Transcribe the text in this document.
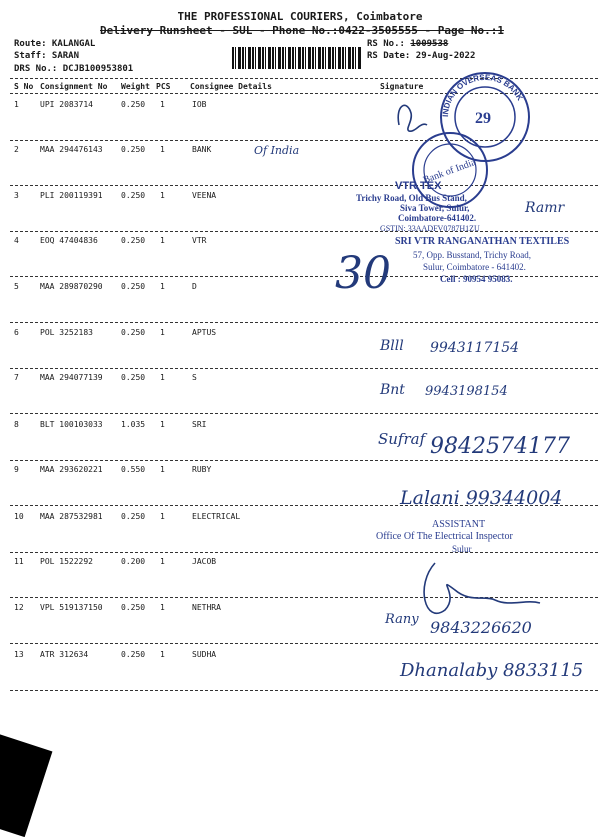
THE PROFESSIONAL COURIERS, Coimbatore
Delivery Runsheet - SUL - Phone No.:0422-3505555 - Page No.:1
Route: KALANGAL
Staff: SARAN
DRS No.: DCJB100953801
RS No.: 1009538
RS Date: 29-Aug-2022
S No Consignment No Weight PCS Consignee Details	Signature
1	UPI 2083714	0.250 1	IOB
2	MAA 294476143 0.250 1	BANK
3	PLI 200119391 0.250 1	VEENA
4	EOQ 47404836	0.250 1	VTR
5	MAA 289870290 0.250 1	D
6	POL 3252183	0.250 1	APTUS
7	MAA 294077139 0.250 1	S
8	BLT 100103033 1.035 1	SRI
9	MAA 293620221 0.550 1	RUBY
10 MAA 287532981 0.250 1	ELECTRICAL
11 POL 1522292	0.200 1	JACOB
12 VPL 519137150 0.250 1	NETHRA
13 ATR 312634	0.250 1	SUDHA
INDIAN OVERSEAS BANK
29
Bank of India
VTR TEX
Trichy Road, Old Bus Stand,
Siva Tower, Sulur,
Coimbatore-641402.
GSTIN: 33AADFV0787H1ZU
Ramr
SRI VTR RANGANATHAN TEXTILES
57, Opp. Busstand, Trichy Road,
Sulur, Coimbatore - 641402.
Cell : 90954 95083.
Of India
30
Blll 9943117154
Bnt 9943198154
Sufraf 9842574177
Lalani 99344004
ASSISTANT
Office Of The Electrical Inspector
Sulur
Rany 9843226620
Dhanalaby 8833115
